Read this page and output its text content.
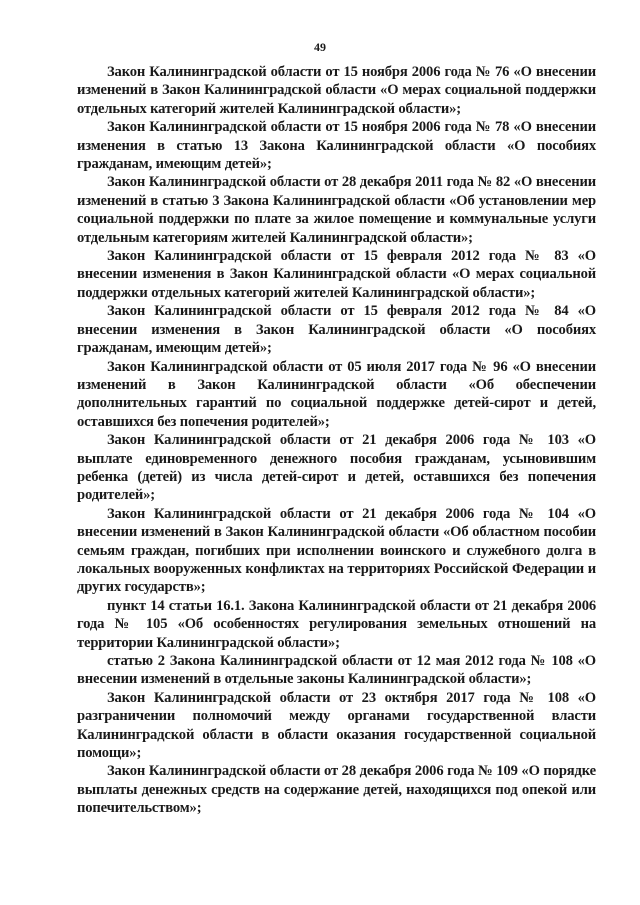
49

Закон Калининградской области от 15 ноября 2006 года № 76 «О внесении изменений в Закон Калининградской области «О мерах социальной поддержки отдельных категорий жителей Калининградской области»;

Закон Калининградской области от 15 ноября 2006 года № 78 «О внесении изменения в статью 13 Закона Калининградской области «О пособиях гражданам, имеющим детей»;

Закон Калининградской области от 28 декабря 2011 года № 82 «О внесении изменений в статью 3 Закона Калининградской области «Об установлении мер социальной поддержки по плате за жилое помещение и коммунальные услуги отдельным категориям жителей Калининградской области»;

Закон Калининградской области от 15 февраля 2012 года № 83 «О внесении изменения в Закон Калининградской области «О мерах социальной поддержки отдельных категорий жителей Калининградской области»;

Закон Калининградской области от 15 февраля 2012 года № 84 «О внесении изменения в Закон Калининградской области «О пособиях гражданам, имеющим детей»;

Закон Калининградской области от 05 июля 2017 года № 96 «О внесении изменений в Закон Калининградской области «Об обеспечении дополнительных гарантий по социальной поддержке детей-сирот и детей, оставшихся без попечения родителей»;

Закон Калининградской области от 21 декабря 2006 года № 103 «О выплате единовременного денежного пособия гражданам, усыновившим ребенка (детей) из числа детей-сирот и детей, оставшихся без попечения родителей»;

Закон Калининградской области от 21 декабря 2006 года № 104 «О внесении изменений в Закон Калининградской области «Об областном пособии семьям граждан, погибших при исполнении воинского и служебного долга в локальных вооруженных конфликтах на территориях Российской Федерации и других государств»;

пункт 14 статьи 16.1. Закона Калининградской области от 21 декабря 2006 года № 105 «Об особенностях регулирования земельных отношений на территории Калининградской области»;

статью 2 Закона Калининградской области от 12 мая 2012 года № 108 «О внесении изменений в отдельные законы Калининградской области»;

Закон Калининградской области от 23 октября 2017 года № 108 «О разграничении полномочий между органами государственной власти Калининградской области в области оказания государственной социальной помощи»;

Закон Калининградской области от 28 декабря 2006 года № 109 «О порядке выплаты денежных средств на содержание детей, находящихся под опекой или попечительством»;
